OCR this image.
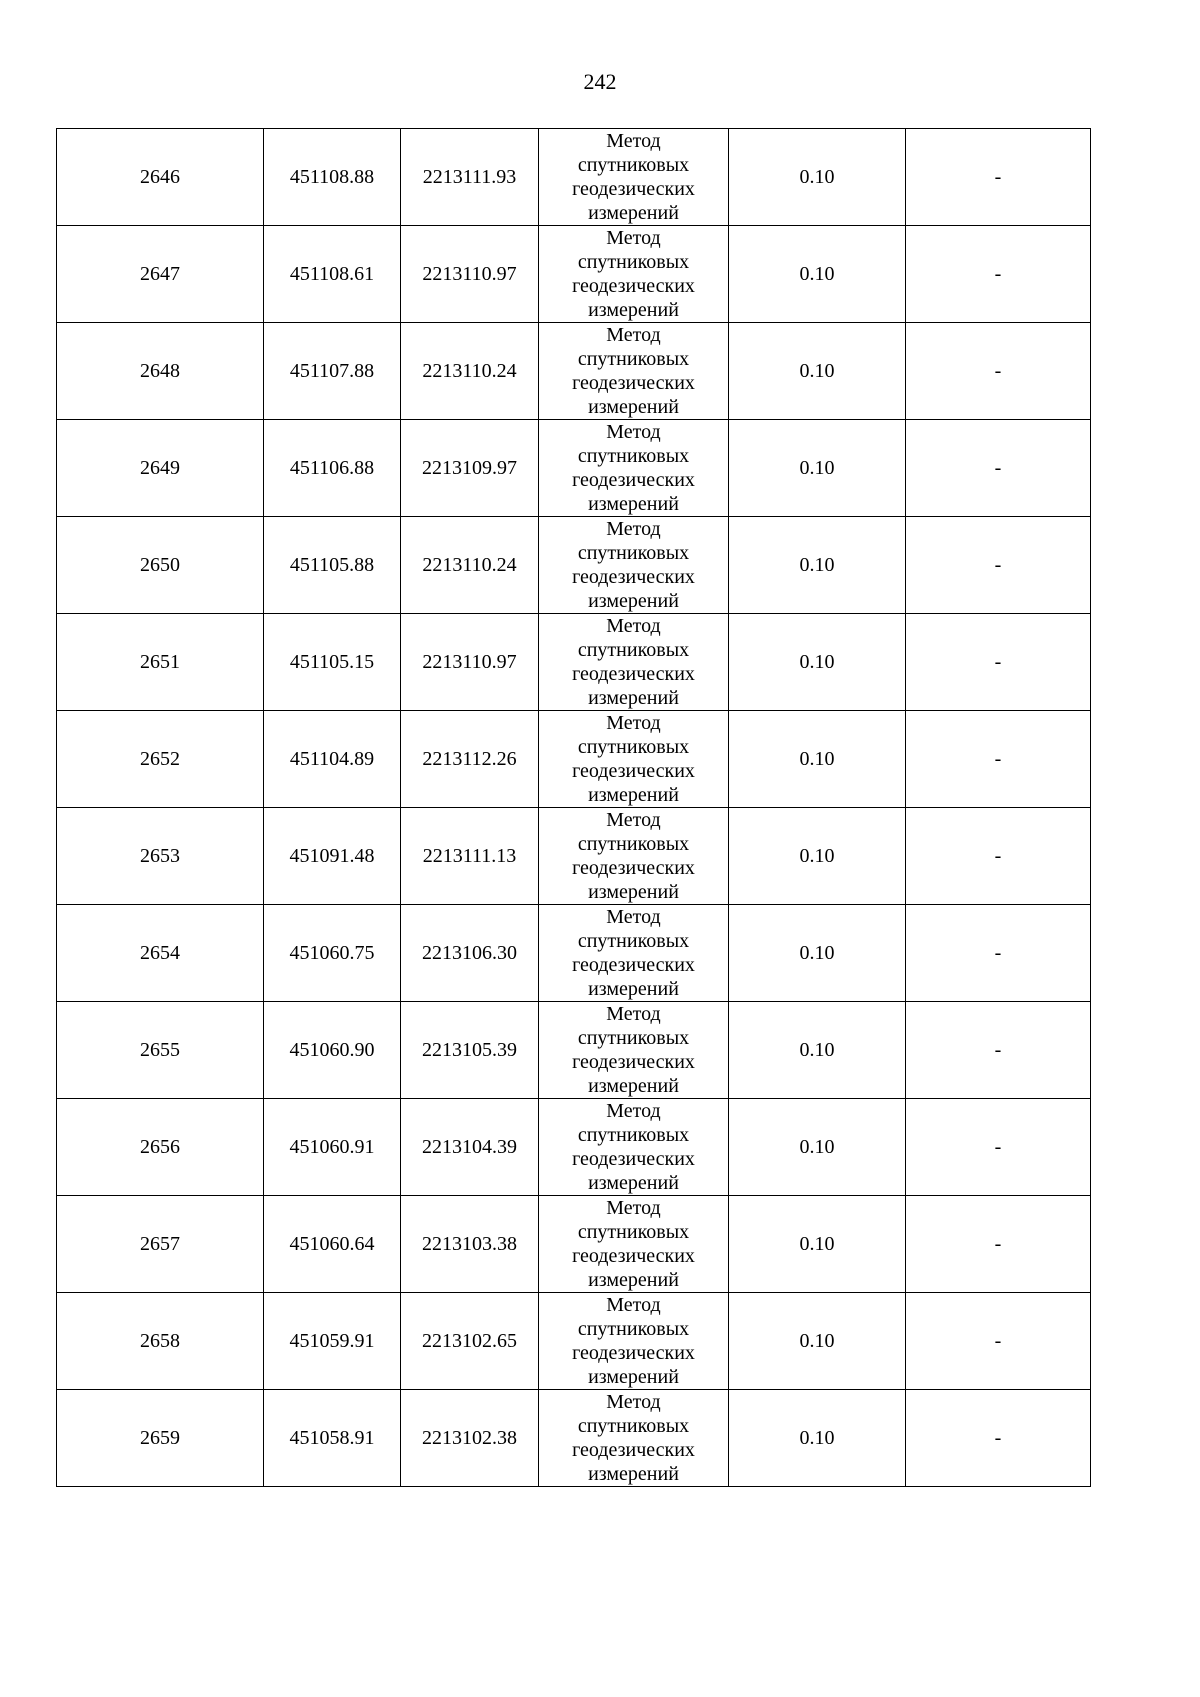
242
2646	451108.88	2213111.93	Метод
спутниковых
геодезических
измерений	0.10	-
2647	451108.61	2213110.97	Метод
спутниковых
геодезических
измерений	0.10	-
2648	451107.88	2213110.24	Метод
спутниковых
геодезических
измерений	0.10	-
2649	451106.88	2213109.97	Метод
спутниковых
геодезических
измерений	0.10	-
2650	451105.88	2213110.24	Метод
спутниковых
геодезических
измерений	0.10	-
2651	451105.15	2213110.97	Метод
спутниковых
геодезических
измерений	0.10	-
2652	451104.89	2213112.26	Метод
спутниковых
геодезических
измерений	0.10	-
2653	451091.48	2213111.13	Метод
спутниковых
геодезических
измерений	0.10	-
2654	451060.75	2213106.30	Метод
спутниковых
геодезических
измерений	0.10	-
2655	451060.90	2213105.39	Метод
спутниковых
геодезических
измерений	0.10	-
2656	451060.91	2213104.39	Метод
спутниковых
геодезических
измерений	0.10	-
2657	451060.64	2213103.38	Метод
спутниковых
геодезических
измерений	0.10	-
2658	451059.91	2213102.65	Метод
спутниковых
геодезических
измерений	0.10	-
2659	451058.91	2213102.38	Метод
спутниковых
геодезических
измерений	0.10	-
